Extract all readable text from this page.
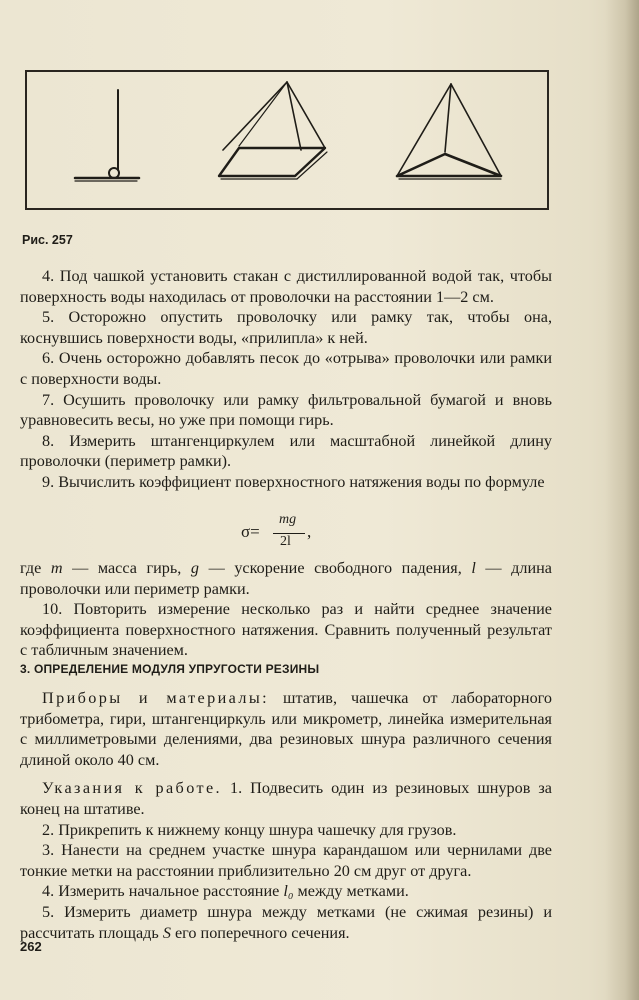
Рис. 257

4. Под чашкой установить стакан с дистиллированной водой так, чтобы поверхность воды находилась от проволочки на расстоянии 1—2 см.

5. Осторожно опустить проволочку или рамку так, чтобы она, коснувшись поверхности воды, «прилипла» к ней.

6. Очень осторожно добавлять песок до «отрыва» проволочки или рамки с поверхности воды.

7. Осушить проволочку или рамку фильтровальной бумагой и вновь уравновесить весы, но уже при помощи гирь.

8. Измерить штангенциркулем или масштабной линейкой длину проволочки (периметр рамки).

9. Вычислить коэффициент поверхностного натяжения воды по формуле

σ=
mg
2l
,

где m — масса гирь, g — ускорение свободного падения, l — длина проволочки или периметр рамки.

10. Повторить измерение несколько раз и найти среднее значение коэффициента поверхностного натяжения. Сравнить полученный результат с табличным значением.

3. ОПРЕДЕЛЕНИЕ МОДУЛЯ УПРУГОСТИ РЕЗИНЫ

Приборы и материалы: штатив, чашечка от лабораторного трибометра, гири, штангенциркуль или микрометр, линейка измерительная с миллиметровыми делениями, два резиновых шнура различного сечения длиной около 40 см.

Указания к работе. 1. Подвесить один из резиновых шнуров за конец на штативе.

2. Прикрепить к нижнему концу шнура чашечку для грузов.

3. Нанести на среднем участке шнура карандашом или чернилами две тонкие метки на расстоянии приблизительно 20 см друг от друга.

4. Измерить начальное расстояние l₀ между метками.

5. Измерить диаметр шнура между метками (не сжимая резины) и рассчитать площадь S его поперечного сечения.

262
